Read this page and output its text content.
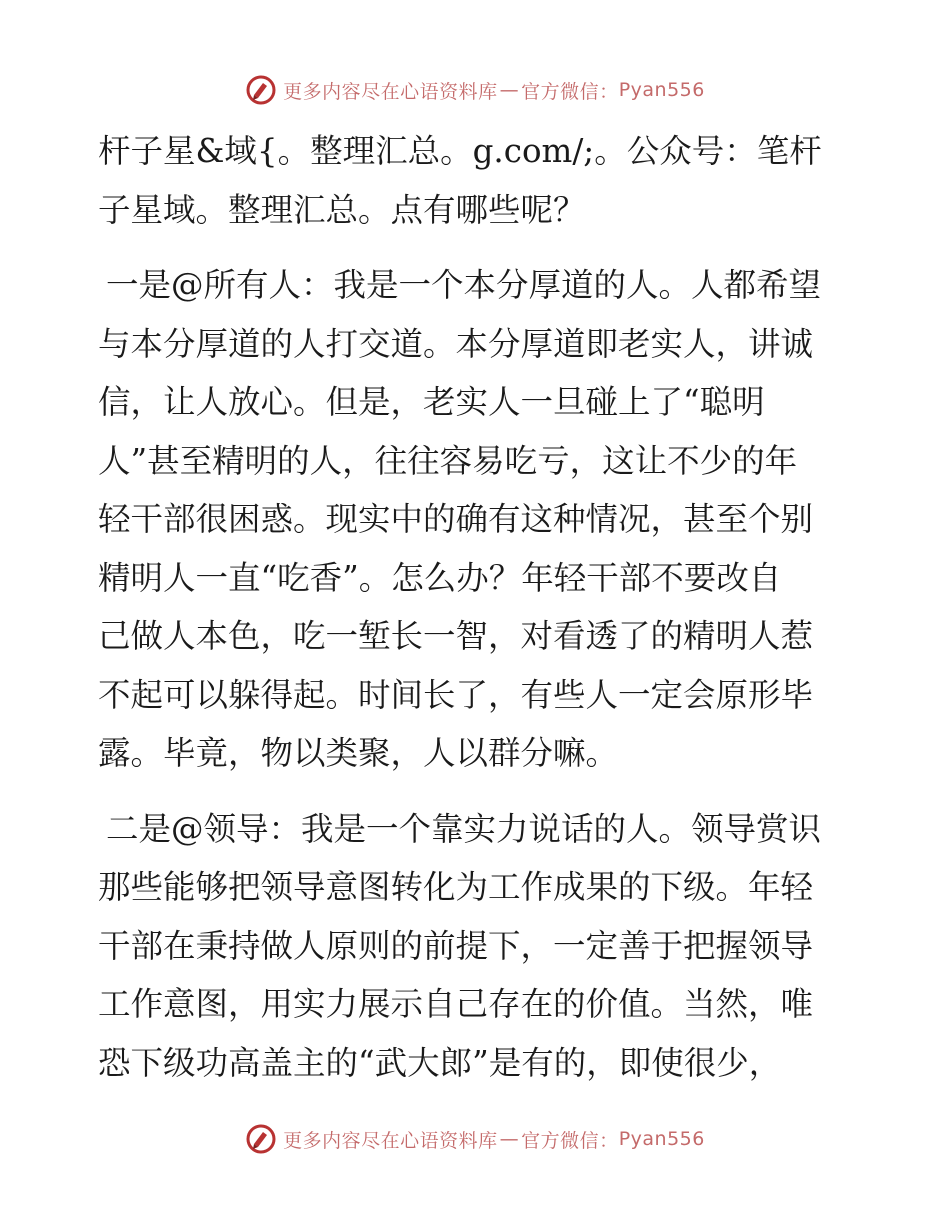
更多内容尽在心语资料库 — 官方微信： Pyan556
杆子星&域{。整理汇总。g.com/;。公众号：笔杆
子星域。整理汇总。点有哪些呢？
一是@所有人：我是一个本分厚道的人。人都希望
与本分厚道的人打交道。本分厚道即老实人，讲诚
信，让人放心。但是，老实人一旦碰上了“聪明
人”甚至精明的人，往往容易吃亏，这让不少的年
轻干部很困惑。现实中的确有这种情况，甚至个别
精明人一直“吃香”。怎么办？年轻干部不要改自
己做人本色，吃一堑长一智，对看透了的精明人惹
不起可以躲得起。时间长了，有些人一定会原形毕
露。毕竟，物以类聚，人以群分嘛。
二是@领导：我是一个靠实力说话的人。领导赏识
那些能够把领导意图转化为工作成果的下级。年轻
干部在秉持做人原则的前提下，一定善于把握领导
工作意图，用实力展示自己存在的价值。当然，唯
恐下级功高盖主的“武大郎”是有的，即使很少，
更多内容尽在心语资料库 — 官方微信： Pyan556
